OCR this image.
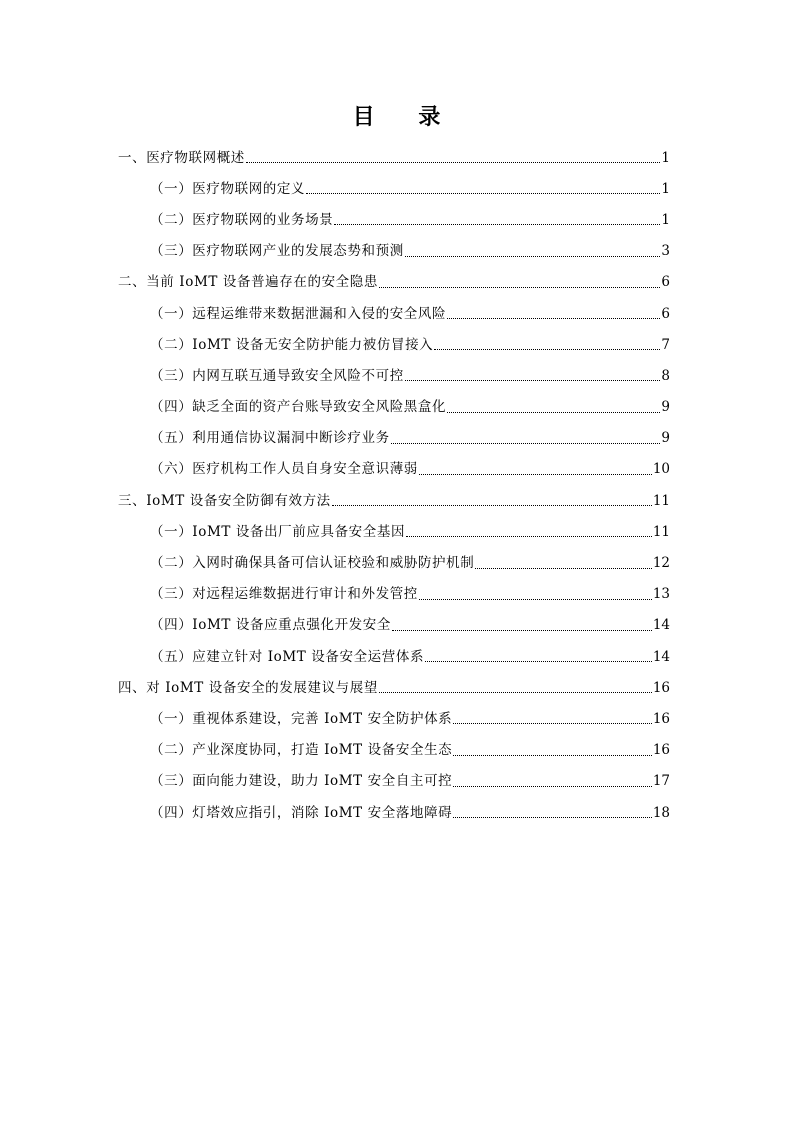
目 录
一、医疗物联网概述	1
（一）医疗物联网的定义	1
（二）医疗物联网的业务场景	1
（三）医疗物联网产业的发展态势和预测	3
二、当前 IoMT 设备普遍存在的安全隐患	6
（一）远程运维带来数据泄漏和入侵的安全风险	6
（二）IoMT 设备无安全防护能力被仿冒接入	7
（三）内网互联互通导致安全风险不可控	8
（四）缺乏全面的资产台账导致安全风险黑盒化	9
（五）利用通信协议漏洞中断诊疗业务	9
（六）医疗机构工作人员自身安全意识薄弱	10
三、IoMT 设备安全防御有效方法	11
（一）IoMT 设备出厂前应具备安全基因	11
（二）入网时确保具备可信认证校验和威胁防护机制	12
（三）对远程运维数据进行审计和外发管控	13
（四）IoMT 设备应重点强化开发安全	14
（五）应建立针对 IoMT 设备安全运营体系	14
四、对 IoMT 设备安全的发展建议与展望	16
（一）重视体系建设，完善 IoMT 安全防护体系	16
（二）产业深度协同，打造 IoMT 设备安全生态	16
（三）面向能力建设，助力 IoMT 安全自主可控	17
（四）灯塔效应指引，消除 IoMT 安全落地障碍	18
